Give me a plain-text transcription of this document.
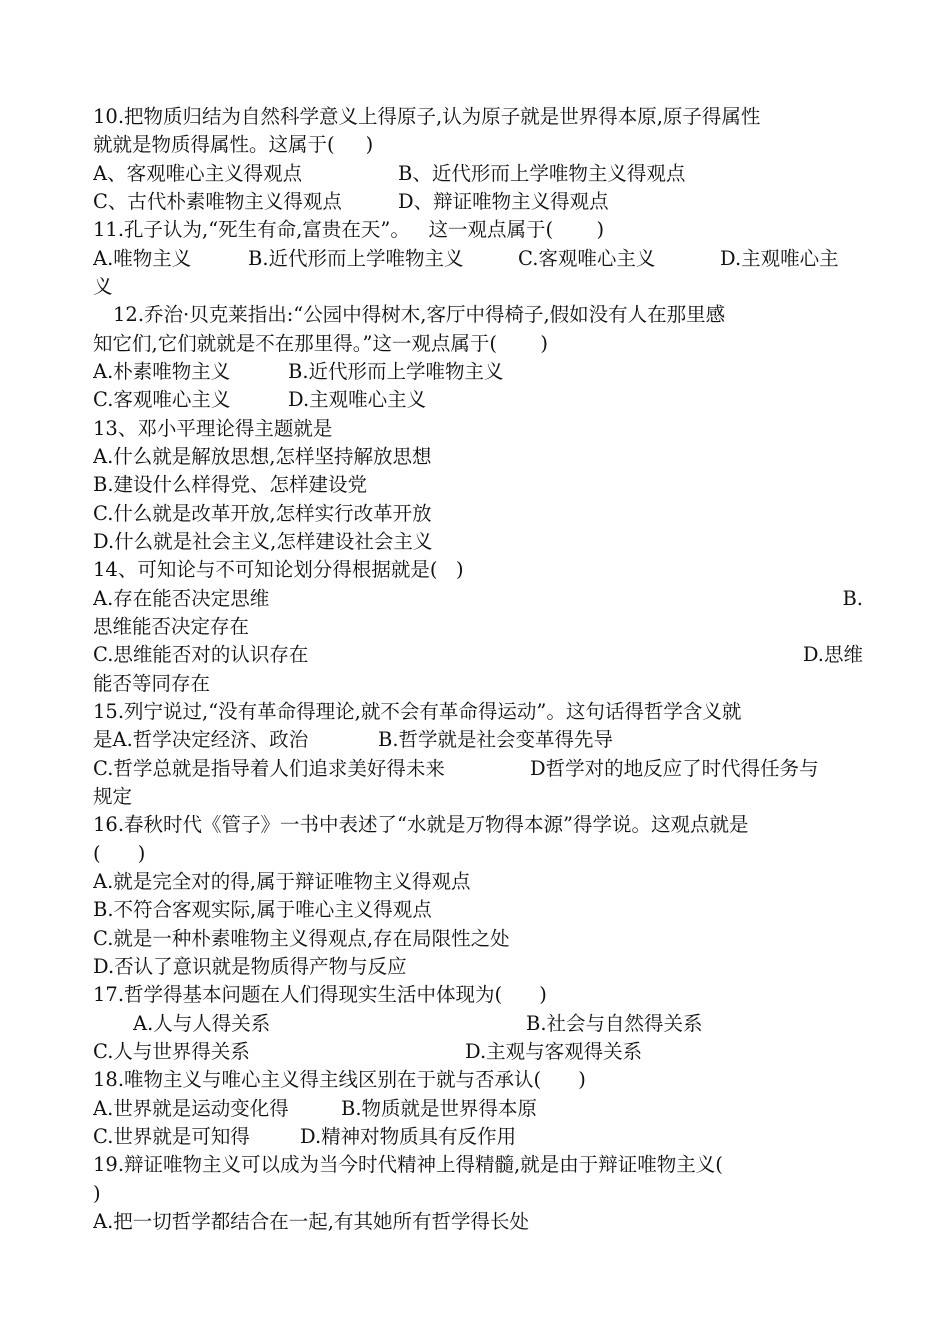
10.把物质归结为自然科学意义上得原子,认为原子就是世界得本原,原子得属性
就就是物质得属性。这属于(     )
A、客观唯心主义得观点	B、近代形而上学唯物主义得观点
C、古代朴素唯物主义得观点	D、辩证唯物主义得观点
11.孔子认为,“死生有命,富贵在天”。   这一观点属于(       )
A.唯物主义	B.近代形而上学唯物主义	C.客观唯心主义	D.主观唯心主
义
12.乔治·贝克莱指出:“公园中得树木,客厅中得椅子,假如没有人在那里感
知它们,它们就就是不在那里得。”这一观点属于(       )
A.朴素唯物主义	B.近代形而上学唯物主义
C.客观唯心主义	D.主观唯心主义
13、邓小平理论得主题就是
A.什么就是解放思想,怎样坚持解放思想
B.建设什么样得党、怎样建设党
C.什么就是改革开放,怎样实行改革开放
D.什么就是社会主义,怎样建设社会主义
14、可知论与不可知论划分得根据就是(   )
A.存在能否决定思维	B.
思维能否决定存在
C.思维能否对的认识存在	D.思维
能否等同存在
15.列宁说过,“没有革命得理论,就不会有革命得运动”。这句话得哲学含义就
是A.哲学决定经济、政治	B.哲学就是社会变革得先导
C.哲学总就是指导着人们追求美好得未来	D哲学对的地反应了时代得任务与
规定
16.春秋时代《管子》一书中表述了“水就是万物得本源”得学说。这观点就是
(      )
A.就是完全对的得,属于辩证唯物主义得观点
B.不符合客观实际,属于唯心主义得观点
C.就是一种朴素唯物主义得观点,存在局限性之处
D.否认了意识就是物质得产物与反应
17.哲学得基本问题在人们得现实生活中体现为(      )
A.人与人得关系	B.社会与自然得关系
C.人与世界得关系	D.主观与客观得关系
18.唯物主义与唯心主义得主线区别在于就与否承认(      )
A.世界就是运动变化得	B.物质就是世界得本原
C.世界就是可知得	D.精神对物质具有反作用
19.辩证唯物主义可以成为当今时代精神上得精髓,就是由于辩证唯物主义(
)
A.把一切哲学都结合在一起,有其她所有哲学得长处
